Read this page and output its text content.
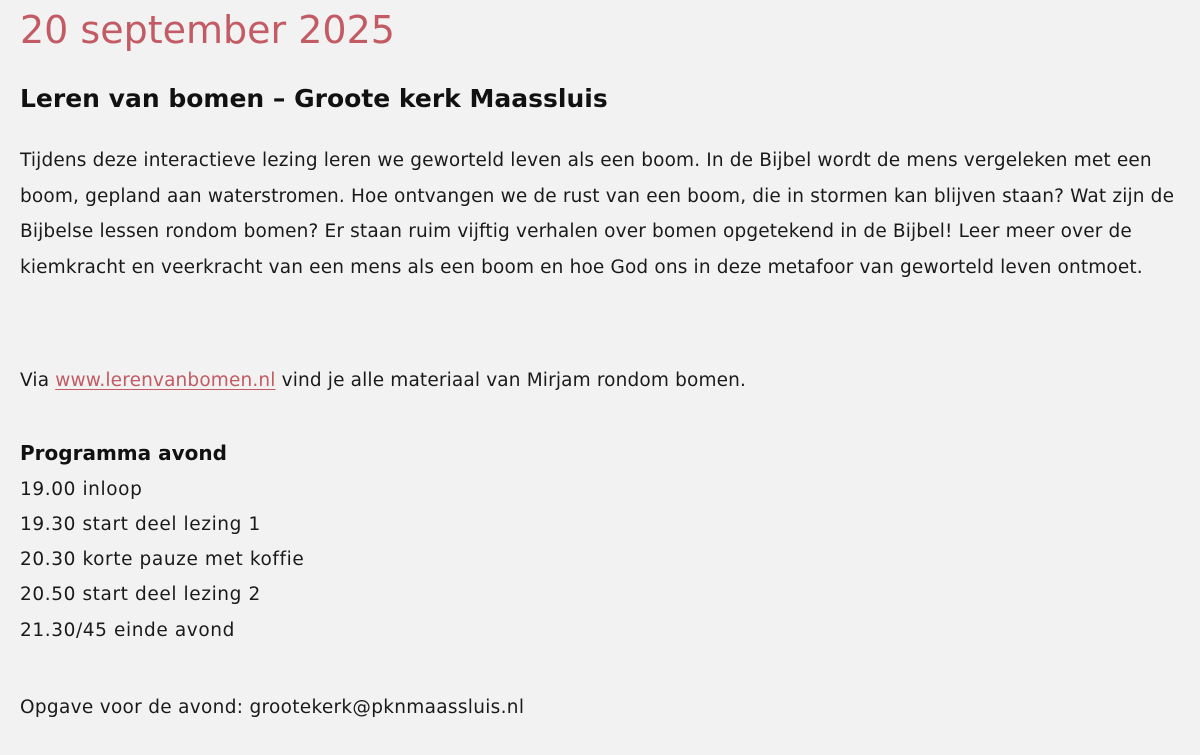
20 september 2025
Leren van bomen – Groote kerk Maassluis

Tijdens deze interactieve lezing leren we geworteld leven als een boom. In de Bijbel wordt de mens vergeleken met een boom, gepland aan waterstromen. Hoe ontvangen we de rust van een boom, die in stormen kan blijven staan? Wat zijn de Bijbelse lessen rondom bomen? Er staan ruim vijftig verhalen over bomen opgetekend in de Bijbel! Leer meer over de kiemkracht en veerkracht van een mens als een boom en hoe God ons in deze metafoor van geworteld leven ontmoet.

Via www.lerenvanbomen.nl vind je alle materiaal van Mirjam rondom bomen.

Programma avond
19.00 inloop
19.30 start deel lezing 1
20.30 korte pauze met koffie
20.50 start deel lezing 2
21.30/45 einde avond

Opgave voor de avond: grootekerk@pknmaassluis.nl
